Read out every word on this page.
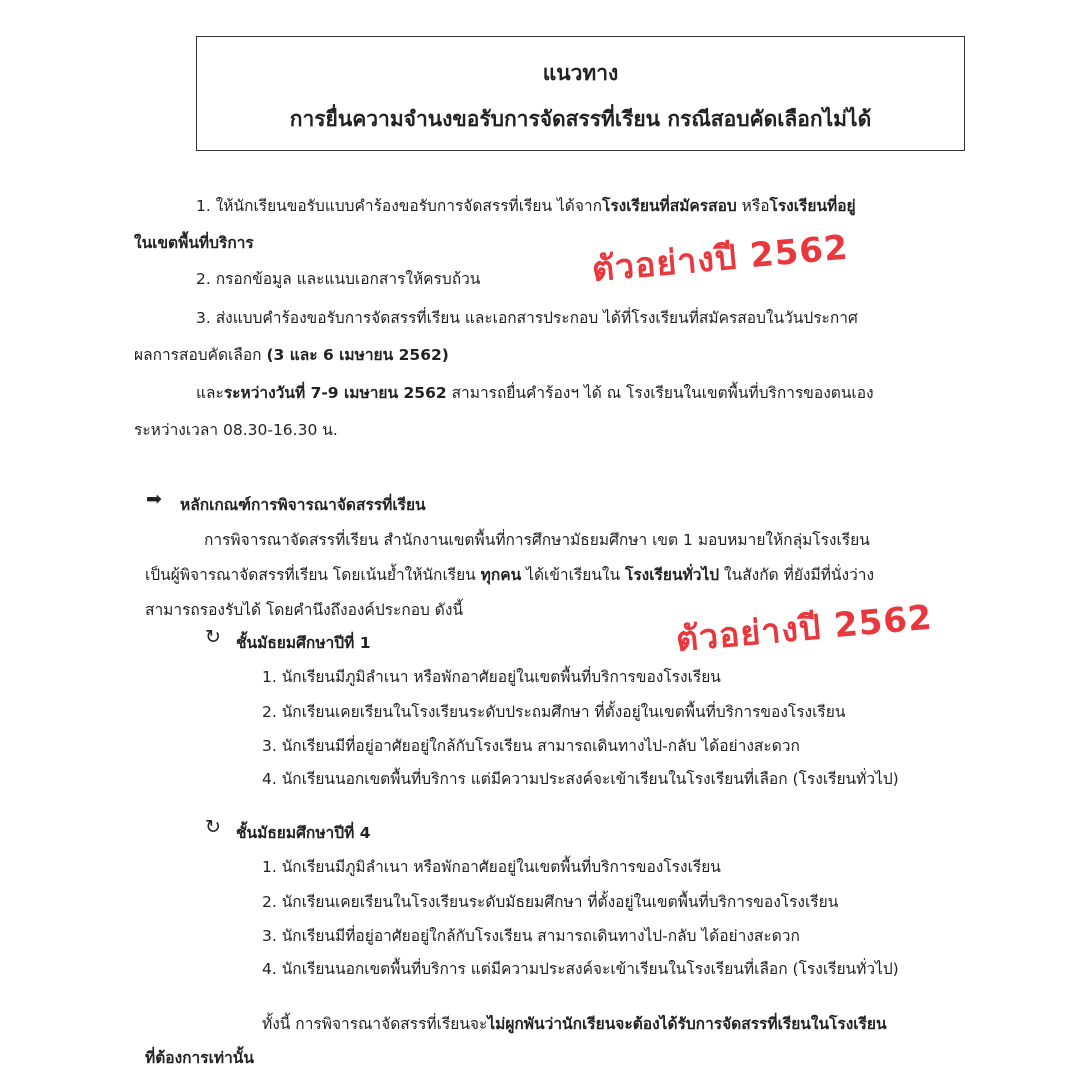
แนวทาง
การยื่นความจำนงขอรับการจัดสรรที่เรียน กรณีสอบคัดเลือกไม่ได้
1. ให้นักเรียนขอรับแบบคำร้องขอรับการจัดสรรที่เรียน ได้จากโรงเรียนที่สมัครสอบ หรือโรงเรียนที่อยู่
ในเขตพื้นที่บริการ
2. กรอกข้อมูล และแนบเอกสารให้ครบถ้วน	ตัวอย่างปี 2562
3. ส่งแบบคำร้องขอรับการจัดสรรที่เรียน และเอกสารประกอบ ได้ที่โรงเรียนที่สมัครสอบในวันประกาศ
ผลการสอบคัดเลือก (3 และ 6 เมษายน 2562)
และระหว่างวันที่ 7-9 เมษายน 2562 สามารถยื่นคำร้องฯ ได้ ณ โรงเรียนในเขตพื้นที่บริการของตนเอง
ระหว่างเวลา 08.30-16.30 น.
➡ หลักเกณฑ์การพิจารณาจัดสรรที่เรียน
การพิจารณาจัดสรรที่เรียน สำนักงานเขตพื้นที่การศึกษามัธยมศึกษา เขต 1 มอบหมายให้กลุ่มโรงเรียน
เป็นผู้พิจารณาจัดสรรที่เรียน โดยเน้นย้ำให้นักเรียน ทุกคน ได้เข้าเรียนใน โรงเรียนทั่วไป ในสังกัด ที่ยังมีที่นั่งว่าง
สามารถรองรับได้ โดยคำนึงถึงองค์ประกอบ ดังนี้	ตัวอย่างปี 2562
↻ ชั้นมัธยมศึกษาปีที่ 1
1. นักเรียนมีภูมิลำเนา หรือพักอาศัยอยู่ในเขตพื้นที่บริการของโรงเรียน
2. นักเรียนเคยเรียนในโรงเรียนระดับประถมศึกษา ที่ตั้งอยู่ในเขตพื้นที่บริการของโรงเรียน
3. นักเรียนมีที่อยู่อาศัยอยู่ใกล้กับโรงเรียน สามารถเดินทางไป-กลับ ได้อย่างสะดวก
4. นักเรียนนอกเขตพื้นที่บริการ แต่มีความประสงค์จะเข้าเรียนในโรงเรียนที่เลือก (โรงเรียนทั่วไป)
↻ ชั้นมัธยมศึกษาปีที่ 4
1. นักเรียนมีภูมิลำเนา หรือพักอาศัยอยู่ในเขตพื้นที่บริการของโรงเรียน
2. นักเรียนเคยเรียนในโรงเรียนระดับมัธยมศึกษา ที่ตั้งอยู่ในเขตพื้นที่บริการของโรงเรียน
3. นักเรียนมีที่อยู่อาศัยอยู่ใกล้กับโรงเรียน สามารถเดินทางไป-กลับ ได้อย่างสะดวก
4. นักเรียนนอกเขตพื้นที่บริการ แต่มีความประสงค์จะเข้าเรียนในโรงเรียนที่เลือก (โรงเรียนทั่วไป)
ทั้งนี้ การพิจารณาจัดสรรที่เรียนจะไม่ผูกพันว่านักเรียนจะต้องได้รับการจัดสรรที่เรียนในโรงเรียน
ที่ต้องการเท่านั้น
